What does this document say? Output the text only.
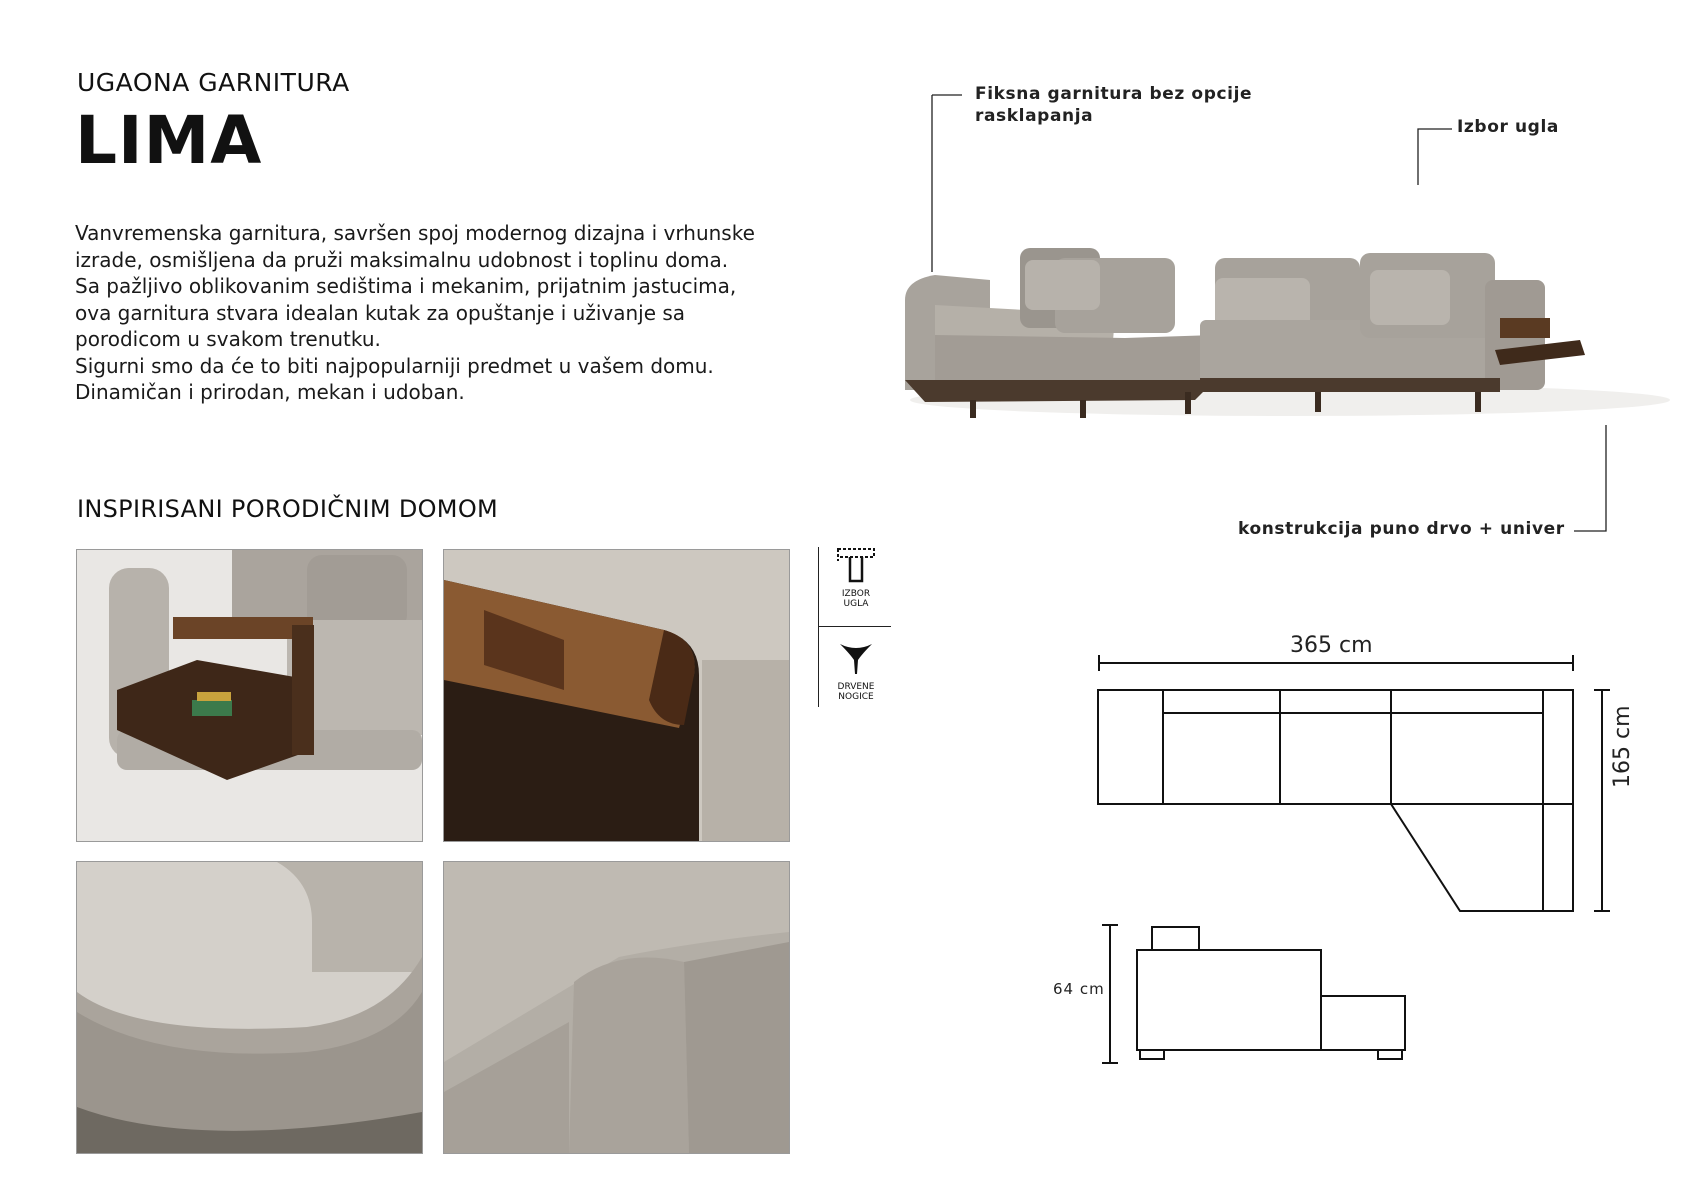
UGAONA GARNITURA
LIMA

Vanvremenska garnitura, savršen spoj modernog dizajna i vrhunske

izrade, osmišljena da pruži maksimalnu udobnost i toplinu doma.

Sa pažljivo oblikovanim sedištima i mekanim, prijatnim jastucima,

ova garnitura stvara idealan kutak za opuštanje i uživanje sa

porodicom u svakom trenutku.

Sigurni smo da će to biti najpopularniji predmet u vašem domu.

Dinamičan i prirodan, mekan i udoban.

INSPIRISANI PORODIČNIM DOMOM
IZBOR
UGLA
DRVENE
NOGICE
Fiksna garnitura bez opcije
rasklapanja
Izbor ugla
konstrukcija puno drvo + univer
365 cm
165 cm
64 cm
